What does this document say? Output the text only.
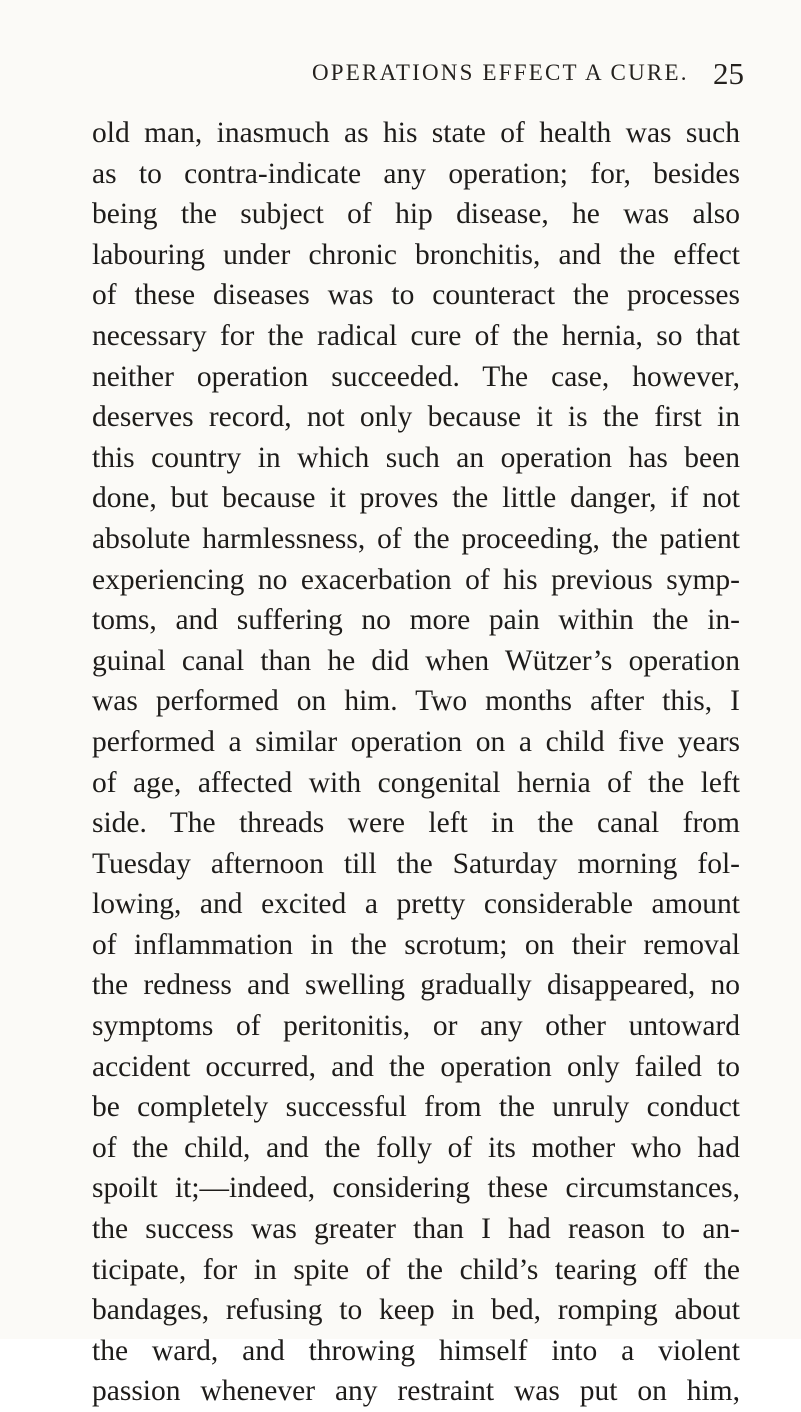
OPERATIONS EFFECT A CURE. 25
old man, inasmuch as his state of health was such
as to contra-indicate any operation; for, besides
being the subject of hip disease, he was also
labouring under chronic bronchitis, and the effect
of these diseases was to counteract the processes
necessary for the radical cure of the hernia, so that
neither operation succeeded. The case, however,
deserves record, not only because it is the first in
this country in which such an operation has been
done, but because it proves the little danger, if not
absolute harmlessness, of the proceeding, the patient
experiencing no exacerbation of his previous symp-
toms, and suffering no more pain within the in-
guinal canal than he did when Wützer’s operation
was performed on him. Two months after this, I
performed a similar operation on a child five years
of age, affected with congenital hernia of the left
side. The threads were left in the canal from
Tuesday afternoon till the Saturday morning fol-
lowing, and excited a pretty considerable amount
of inflammation in the scrotum; on their removal
the redness and swelling gradually disappeared, no
symptoms of peritonitis, or any other untoward
accident occurred, and the operation only failed to
be completely successful from the unruly conduct
of the child, and the folly of its mother who had
spoilt it;—indeed, considering these circumstances,
the success was greater than I had reason to an-
ticipate, for in spite of the child’s tearing off the
bandages, refusing to keep in bed, romping about
the ward, and throwing himself into a violent
passion whenever any restraint was put on him,
